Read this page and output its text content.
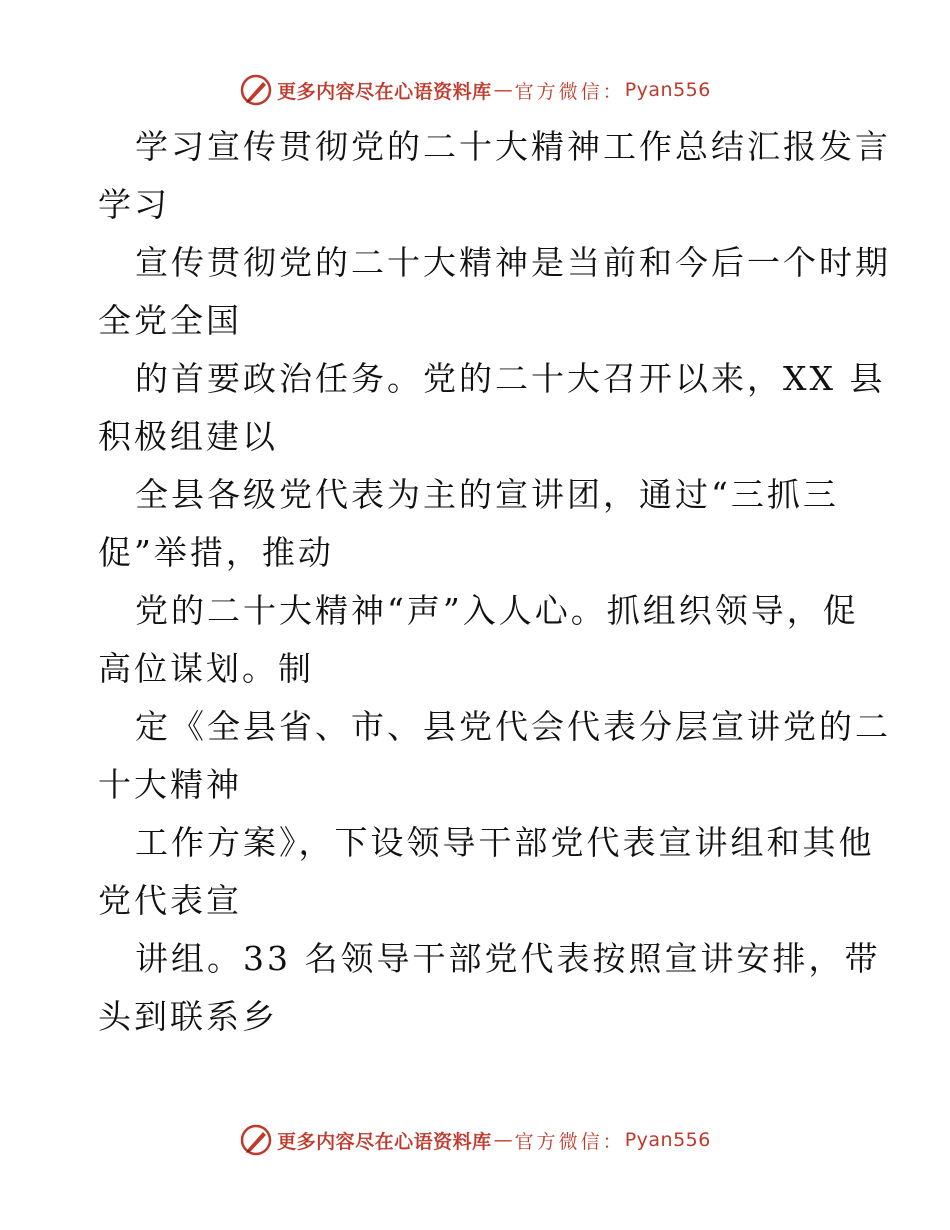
更多内容尽在心语资料库 — 官方微信： Pyan556
学习宣传贯彻党的二十大精神工作总结汇报发言
学习
宣传贯彻党的二十大精神是当前和今后一个时期
全党全国
的首要政治任务。党的二十大召开以来，XX 县
积极组建以
全县各级党代表为主的宣讲团，通过“三抓三
促”举措，推动
党的二十大精神“声”入人心。抓组织领导，促
高位谋划。制
定《全县省、市、县党代会代表分层宣讲党的二
十大精神
工作方案》，下设领导干部党代表宣讲组和其他
党代表宣
讲组。33 名领导干部党代表按照宣讲安排，带
头到联系乡
更多内容尽在心语资料库 — 官方微信： Pyan556
